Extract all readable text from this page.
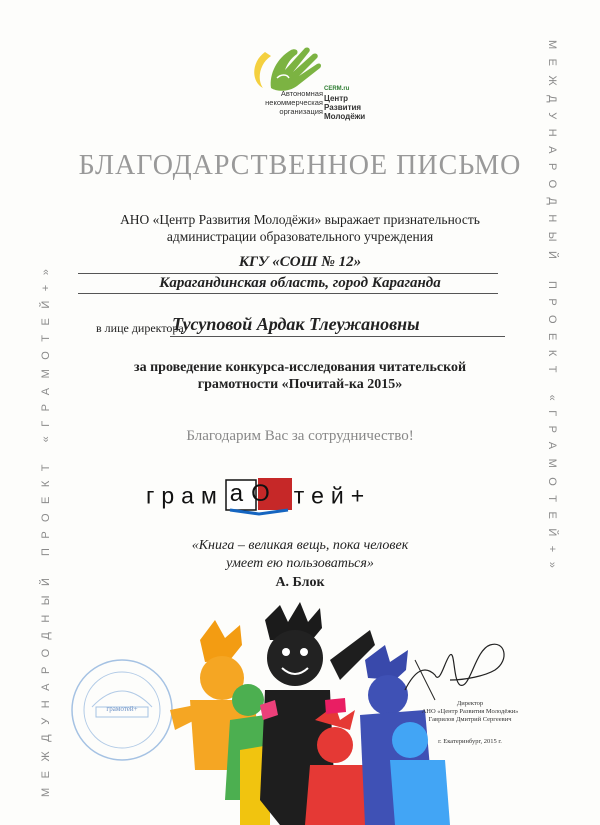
МЕЖДУНАРОДНЫЙ ПРОЕКТ «ГРАМОТЕЙ+»	МЕЖДУНАРОДНЫЙ ПРОЕКТ «ГРАМОТЕЙ+»
Автономная
некоммерческая
организация
CERM.ru
Центр
Развития
Молодёжи
БЛАГОДАРСТВЕННОЕ ПИСЬМО
АНО «Центр Развития Молодёжи» выражает признательность
администрации образовательного учреждения
КГУ «СОШ № 12»
Карагандинская область, город Караганда
в лице директора
Тусуповой Ардак Тлеужановны
за проведение конкурса-исследования читательской
грамотности «Почитай-ка 2015»
Благодарим Вас за сотрудничество!
грам аО тей+
«Книга – великая вещь, пока человек
умеет ею пользоваться»
А. Блок
грамотей+
Директор
АНО «Центр Развития Молодёжи»
Гаврилов Дмитрий Сергеевич
г. Екатеринбург, 2015 г.
